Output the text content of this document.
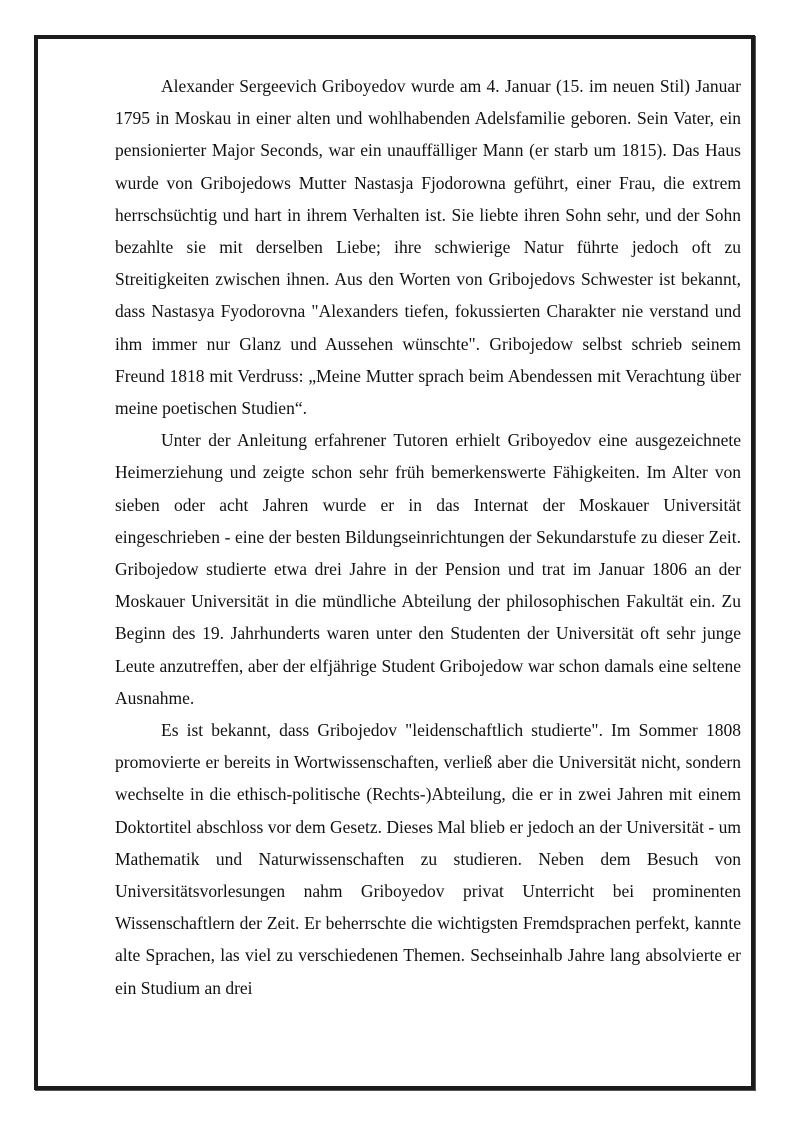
Alexander Sergeevich Griboyedov wurde am 4. Januar (15. im neuen Stil) Januar 1795 in Moskau in einer alten und wohlhabenden Adelsfamilie geboren. Sein Vater, ein pensionierter Major Seconds, war ein unauffälliger Mann (er starb um 1815). Das Haus wurde von Gribojedows Mutter Nastasja Fjodorowna geführt, einer Frau, die extrem herrschsüchtig und hart in ihrem Verhalten ist. Sie liebte ihren Sohn sehr, und der Sohn bezahlte sie mit derselben Liebe; ihre schwierige Natur führte jedoch oft zu Streitigkeiten zwischen ihnen. Aus den Worten von Gribojedovs Schwester ist bekannt, dass Nastasya Fyodorovna "Alexanders tiefen, fokussierten Charakter nie verstand und ihm immer nur Glanz und Aussehen wünschte". Gribojedow selbst schrieb seinem Freund 1818 mit Verdruss: „Meine Mutter sprach beim Abendessen mit Verachtung über meine poetischen Studien“.

Unter der Anleitung erfahrener Tutoren erhielt Griboyedov eine ausgezeichnete Heimerziehung und zeigte schon sehr früh bemerkenswerte Fähigkeiten. Im Alter von sieben oder acht Jahren wurde er in das Internat der Moskauer Universität eingeschrieben - eine der besten Bildungseinrichtungen der Sekundarstufe zu dieser Zeit. Gribojedow studierte etwa drei Jahre in der Pension und trat im Januar 1806 an der Moskauer Universität in die mündliche Abteilung der philosophischen Fakultät ein. Zu Beginn des 19. Jahrhunderts waren unter den Studenten der Universität oft sehr junge Leute anzutreffen, aber der elfjährige Student Gribojedow war schon damals eine seltene Ausnahme.

Es ist bekannt, dass Gribojedov "leidenschaftlich studierte". Im Sommer 1808 promovierte er bereits in Wortwissenschaften, verließ aber die Universität nicht, sondern wechselte in die ethisch-politische (Rechts-)Abteilung, die er in zwei Jahren mit einem Doktortitel abschloss vor dem Gesetz. Dieses Mal blieb er jedoch an der Universität - um Mathematik und Naturwissenschaften zu studieren. Neben dem Besuch von Universitätsvorlesungen nahm Griboyedov privat Unterricht bei prominenten Wissenschaftlern der Zeit. Er beherrschte die wichtigsten Fremdsprachen perfekt, kannte alte Sprachen, las viel zu verschiedenen Themen. Sechseinhalb Jahre lang absolvierte er ein Studium an drei
